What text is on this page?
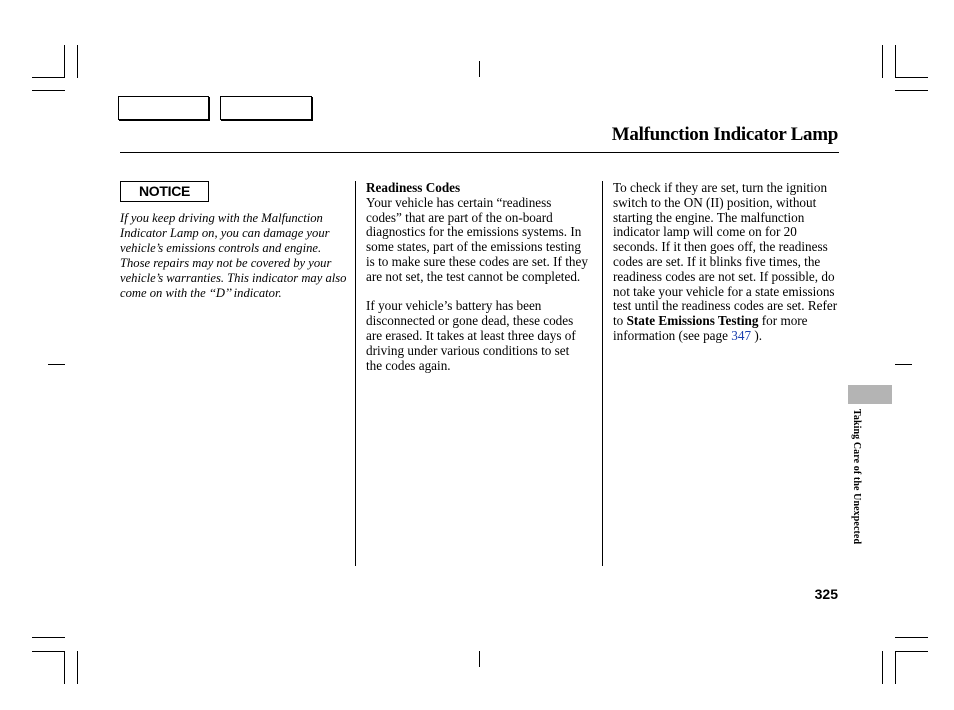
Malfunction Indicator Lamp
NOTICE
If you keep driving with the Malfunction Indicator Lamp on, you can damage your vehicle’s emissions controls and engine. Those repairs may not be covered by your vehicle’s warranties. This indicator may also come on with the ‘‘D’’ indicator.
Readiness Codes

Your vehicle has certain “readiness codes” that are part of the on-board diagnostics for the emissions systems. In some states, part of the emissions testing is to make sure these codes are set. If they are not set, the test cannot be completed.

If your vehicle’s battery has been disconnected or gone dead, these codes are erased. It takes at least three days of driving under various conditions to set the codes again.

To check if they are set, turn the ignition switch to the ON (II) position, without starting the engine. The malfunction indicator lamp will come on for 20 seconds. If it then goes off, the readiness codes are set. If it blinks five times, the readiness codes are not set. If possible, do not take your vehicle for a state emissions test until the readiness codes are set. Refer to State Emissions Testing for more information (see page 347 ).

Taking Care of the Unexpected
325
